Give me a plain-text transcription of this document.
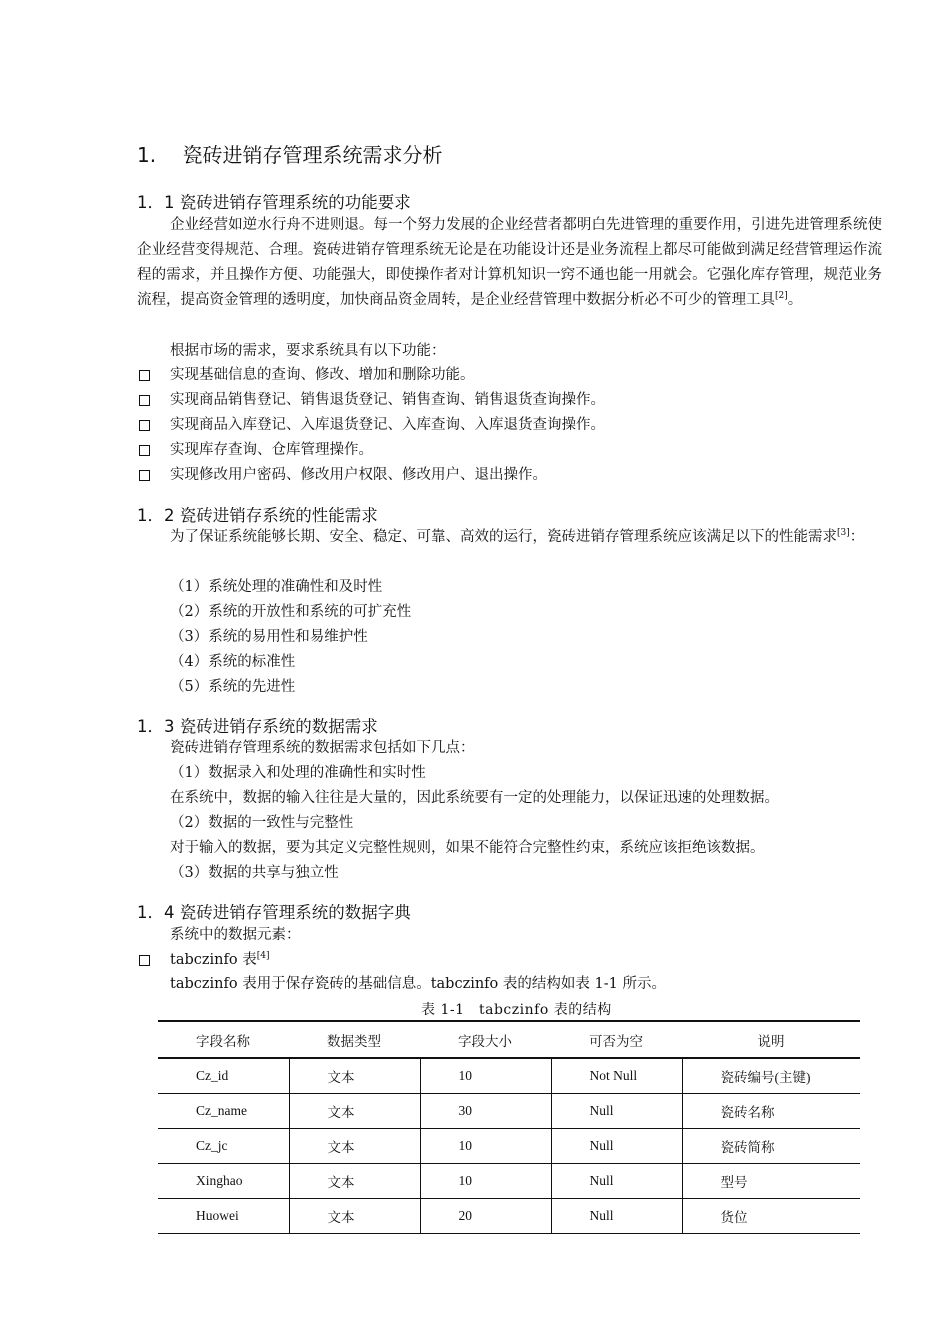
1.　 瓷砖进销存管理系统需求分析
1．1 瓷砖进销存管理系统的功能要求
企业经营如逆水行舟不进则退。每一个努力发展的企业经营者都明白先进管理的重要作用，引进先进管理系统使企业经营变得规范、合理。瓷砖进销存管理系统无论是在功能设计还是业务流程上都尽可能做到满足经营管理运作流程的需求，并且操作方便、功能强大，即使操作者对计算机知识一窍不通也能一用就会。它强化库存管理，规范业务流程，提高资金管理的透明度，加快商品资金周转，是企业经营管理中数据分析必不可少的管理工具[2]。
根据市场的需求，要求系统具有以下功能：
实现基础信息的查询、修改、增加和删除功能。
实现商品销售登记、销售退货登记、销售查询、销售退货查询操作。
实现商品入库登记、入库退货登记、入库查询、入库退货查询操作。
实现库存查询、仓库管理操作。
实现修改用户密码、修改用户权限、修改用户、退出操作。
1．2 瓷砖进销存系统的性能需求
为了保证系统能够长期、安全、稳定、可靠、高效的运行，瓷砖进销存管理系统应该满足以下的性能需求[3]：
（1）系统处理的准确性和及时性
（2）系统的开放性和系统的可扩充性
（3）系统的易用性和易维护性
（4）系统的标准性
（5）系统的先进性
1．3 瓷砖进销存系统的数据需求
瓷砖进销存管理系统的数据需求包括如下几点：
（1）数据录入和处理的准确性和实时性
在系统中，数据的输入往往是大量的，因此系统要有一定的处理能力，以保证迅速的处理数据。
（2）数据的一致性与完整性
对于输入的数据，要为其定义完整性规则，如果不能符合完整性约束，系统应该拒绝该数据。
（3）数据的共享与独立性
1．4 瓷砖进销存管理系统的数据字典
系统中的数据元素：
tabczinfo 表[4]
tabczinfo 表用于保存瓷砖的基础信息。tabczinfo 表的结构如表 1-1 所示。
表 1-1　tabczinfo 表的结构
字段名称	数据类型	字段大小	可否为空	说明
Cz_id	文本	10	Not Null	瓷砖编号(主键)
Cz_name	文本	30	Null	瓷砖名称
Cz_jc	文本	10	Null	瓷砖简称
Xinghao	文本	10	Null	型号
Huowei	文本	20	Null	货位
